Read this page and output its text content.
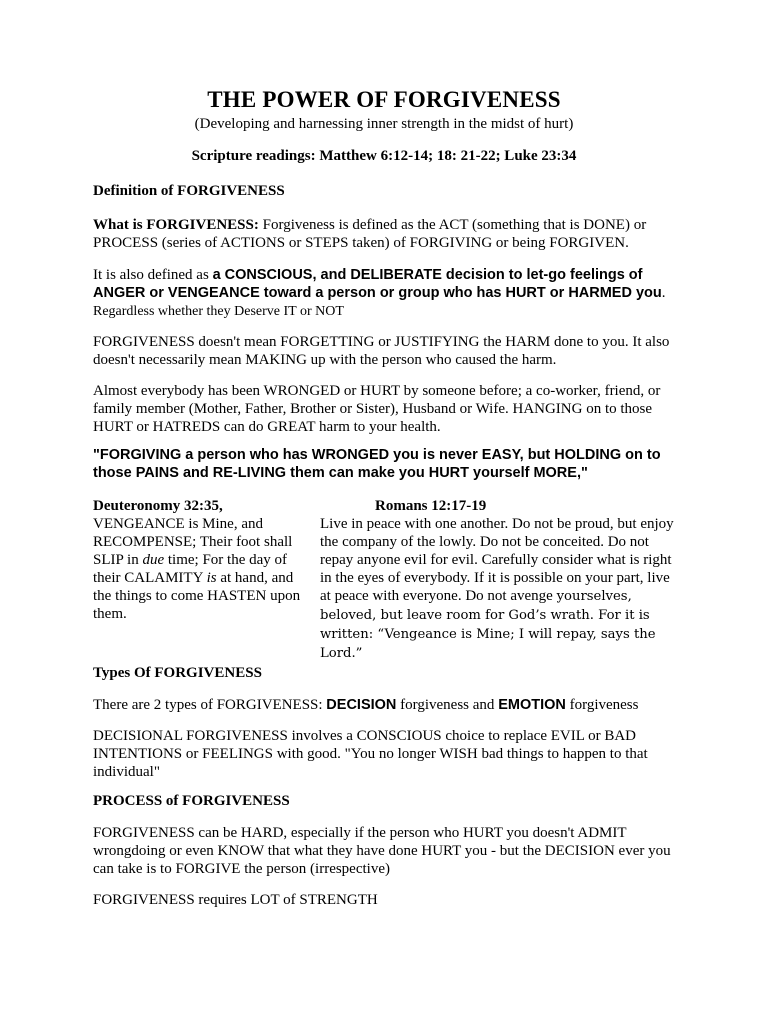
THE POWER OF FORGIVENESS
(Developing and harnessing inner strength in the midst of hurt)
Scripture readings: Matthew 6:12-14; 18: 21-22; Luke 23:34
Definition of FORGIVENESS
What is FORGIVENESS: Forgiveness is defined as the ACT (something that is DONE) or PROCESS (series of ACTIONS or STEPS taken) of FORGIVING or being FORGIVEN.
It is also defined as a CONSCIOUS, and DELIBERATE decision to let-go feelings of ANGER or VENGEANCE toward a person or group who has HURT or HARMED you.
Regardless whether they Deserve IT or NOT
FORGIVENESS doesn't mean FORGETTING or JUSTIFYING the HARM done to you. It also doesn't necessarily mean MAKING up with the person who caused the harm.
Almost everybody has been WRONGED or HURT by someone before; a co-worker, friend, or family member (Mother, Father, Brother or Sister), Husband or Wife. HANGING on to those HURT or HATREDS can do GREAT harm to your health.
"FORGIVING a person who has WRONGED you is never EASY, but HOLDING on to those PAINS and RE-LIVING them can make you HURT yourself MORE,"
Deuteronomy 32:35,
VENGEANCE is Mine, and RECOMPENSE; Their foot shall SLIP in due time; For the day of their CALAMITY is at hand, and the things to come HASTEN upon them.
Romans 12:17-19
Live in peace with one another. Do not be proud, but enjoy the company of the lowly. Do not be conceited. Do not repay anyone evil for evil. Carefully consider what is right in the eyes of everybody. If it is possible on your part, live at peace with everyone. Do not avenge yourselves, beloved, but leave room for God’s wrath. For it is written: “Vengeance is Mine; I will repay, says the Lord.”
Types Of FORGIVENESS
There are 2 types of FORGIVENESS: DECISION forgiveness and EMOTION forgiveness
DECISIONAL FORGIVENESS involves a CONSCIOUS choice to replace EVIL or BAD INTENTIONS or FEELINGS with good. "You no longer WISH bad things to happen to that individual"
PROCESS of FORGIVENESS
FORGIVENESS can be HARD, especially if the person who HURT you doesn't ADMIT wrongdoing or even KNOW that what they have done HURT you - but the DECISION ever you can take is to FORGIVE the person (irrespective)
FORGIVENESS requires LOT of STRENGTH
